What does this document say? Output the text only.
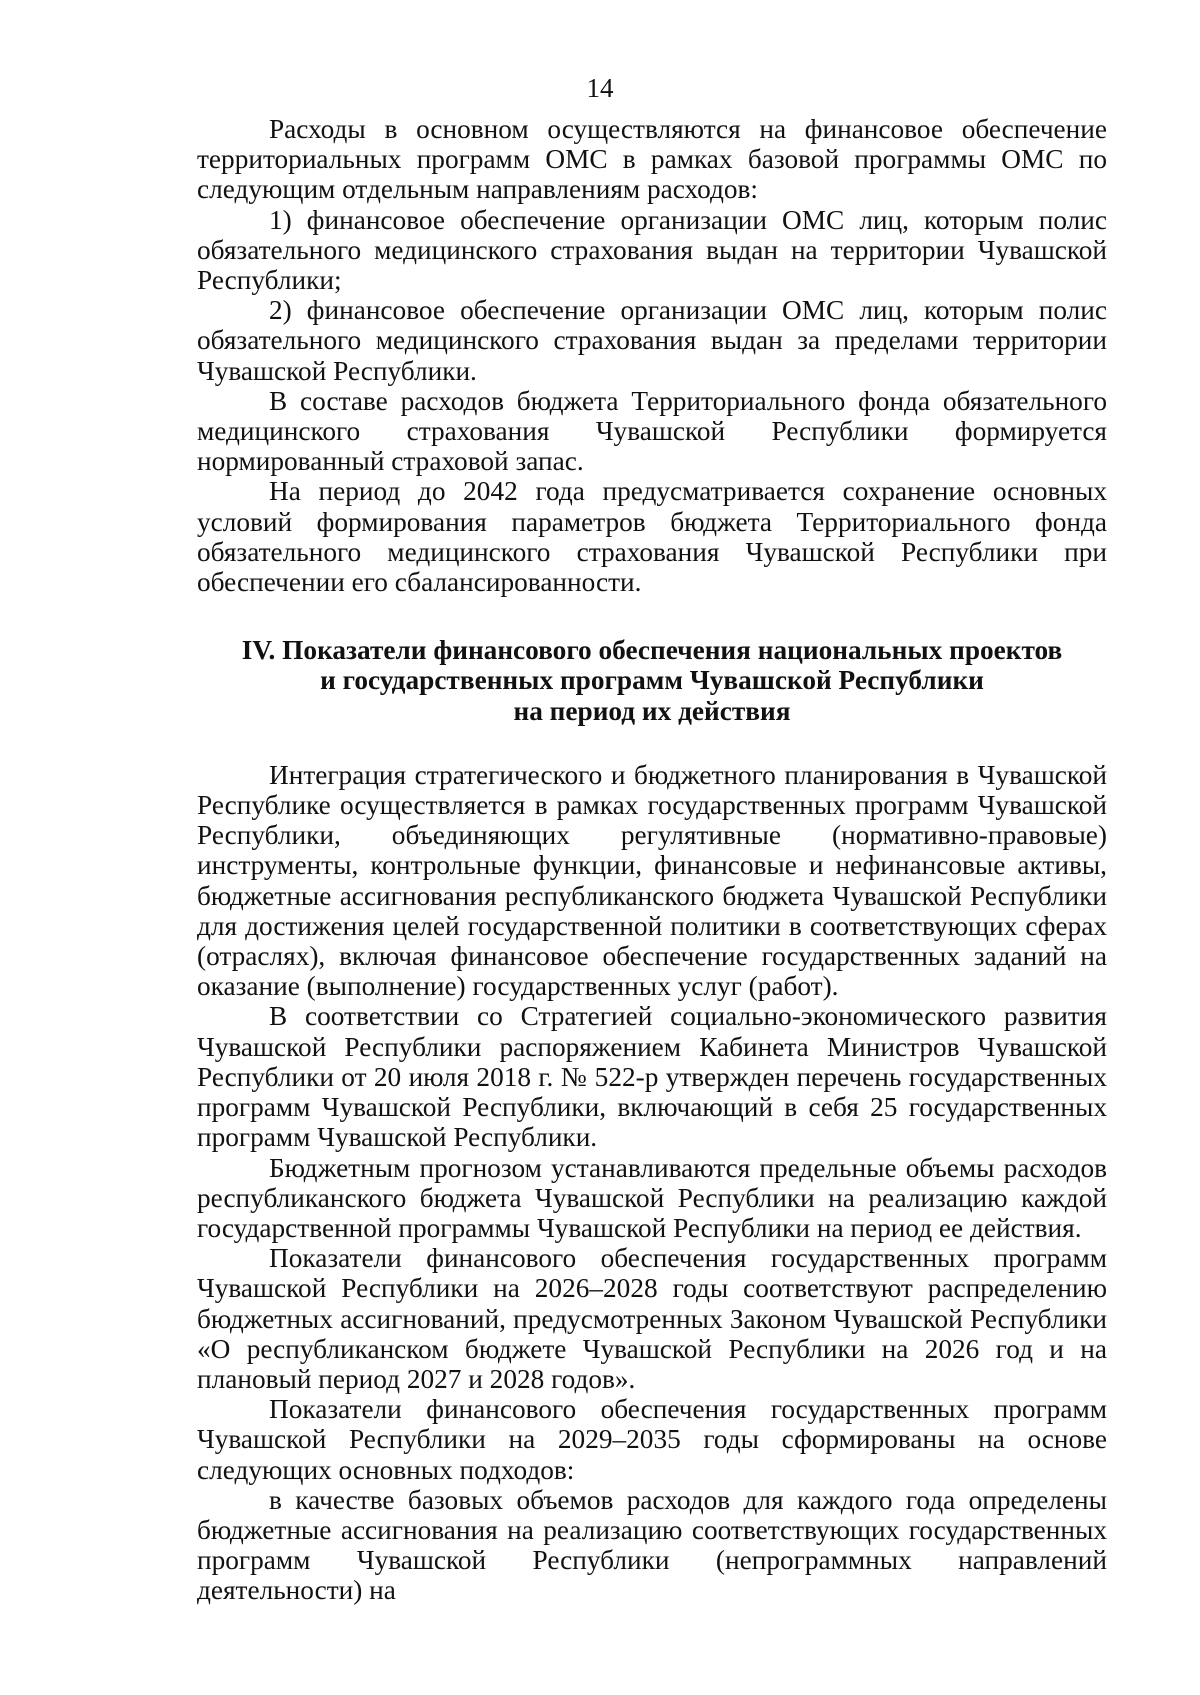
14

Расходы в основном осуществляются на финансовое обеспечение территориальных программ ОМС в рамках базовой программы ОМС по следующим отдельным направлениям расходов:

1) финансовое обеспечение организации ОМС лиц, которым полис обязательного медицинского страхования выдан на территории Чувашской Республики;

2) финансовое обеспечение организации ОМС лиц, которым полис обязательного медицинского страхования выдан за пределами территории Чувашской Республики.

В составе расходов бюджета Территориального фонда обязательного медицинского страхования Чувашской Республики формируется нормированный страховой запас.

На период до 2042 года предусматривается сохранение основных условий формирования параметров бюджета Территориального фонда обязательного медицинского страхования Чувашской Республики при обеспечении его сбалансированности.

IV. Показатели финансового обеспечения национальных проектов
и государственных программ Чувашской Республики
на период их действия

Интеграция стратегического и бюджетного планирования в Чувашской Республике осуществляется в рамках государственных программ Чувашской Республики, объединяющих регулятивные (нормативно-правовые) инструменты, контрольные функции, финансовые и нефинансовые активы, бюджетные ассигнования республиканского бюджета Чувашской Республики для достижения целей государственной политики в соответствующих сферах (отраслях), включая финансовое обеспечение государственных заданий на оказание (выполнение) государственных услуг (работ).

В соответствии со Стратегией социально-экономического развития Чувашской Республики распоряжением Кабинета Министров Чувашской Республики от 20 июля 2018 г. № 522-р утвержден перечень государственных программ Чувашской Республики, включающий в себя 25 государственных программ Чувашской Республики.

Бюджетным прогнозом устанавливаются предельные объемы расходов республиканского бюджета Чувашской Республики на реализацию каждой государственной программы Чувашской Республики на период ее действия.

Показатели финансового обеспечения государственных программ Чувашской Республики на 2026–2028 годы соответствуют распределению бюджетных ассигнований, предусмотренных Законом Чувашской Республики «О республиканском бюджете Чувашской Республики на 2026 год и на плановый период 2027 и 2028 годов».

Показатели финансового обеспечения государственных программ Чувашской Республики на 2029–2035 годы сформированы на основе следующих основных подходов:

в качестве базовых объемов расходов для каждого года определены бюджетные ассигнования на реализацию соответствующих государственных программ Чувашской Республики (непрограммных направлений деятельности) на
